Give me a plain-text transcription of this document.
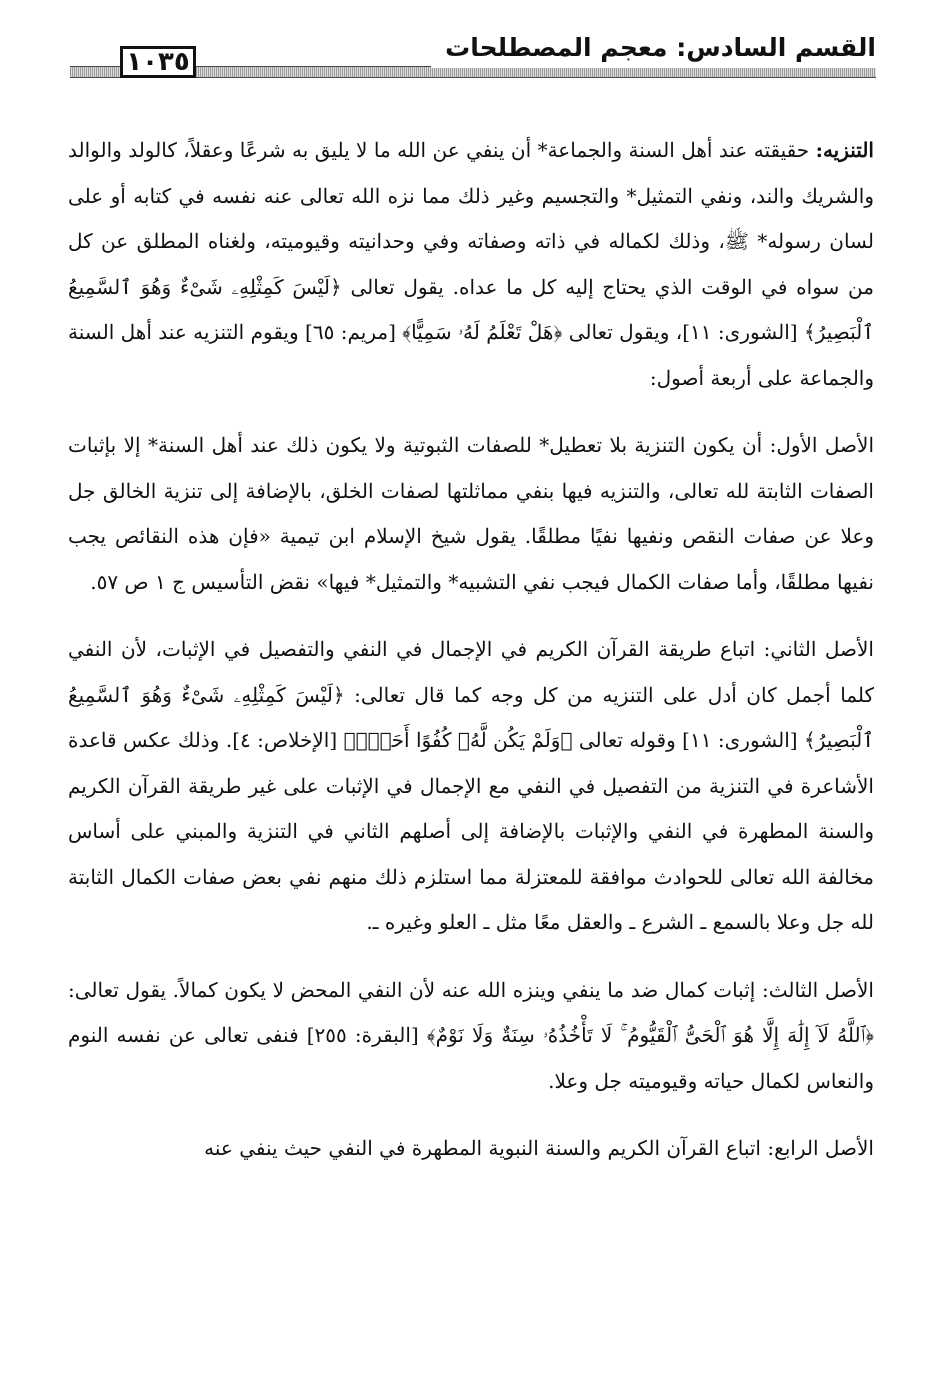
١٠٣٥	القسم السادس: معجم المصطلحات

التنزيه: حقيقته عند أهل السنة والجماعة* أن ينفي عن الله ما لا يليق به شرعًا وعقلاً، كالولد والوالد والشريك والند، ونفي التمثيل* والتجسيم وغير ذلك مما نزه الله تعالى عنه نفسه في كتابه أو على لسان رسوله* ﷺ، وذلك لكماله في ذاته وصفاته وفي وحدانيته وقيوميته، ولغناه المطلق عن كل من سواه في الوقت الذي يحتاج إليه كل ما عداه. يقول تعالى ﴿لَيْسَ كَمِثْلِهِۦ شَىْءٌ وَهُوَ ٱلسَّمِيعُ ٱلْبَصِيرُ﴾ [الشورى: ١١]، ويقول تعالى ﴿هَلْ تَعْلَمُ لَهُۥ سَمِيًّا﴾ [مريم: ٦٥] ويقوم التنزيه عند أهل السنة والجماعة على أربعة أصول:

الأصل الأول: أن يكون التنزية بلا تعطيل* للصفات الثبوتية ولا يكون ذلك عند أهل السنة* إلا بإثبات الصفات الثابتة لله تعالى، والتنزيه فيها بنفي مماثلتها لصفات الخلق، بالإضافة إلى تنزية الخالق جل وعلا عن صفات النقص ونفيها نفيًا مطلقًا. يقول شيخ الإسلام ابن تيمية «فإن هذه النقائص يجب نفيها مطلقًا، وأما صفات الكمال فيجب نفي التشبيه* والتمثيل* فيها» نقض التأسيس ج ١ ص ٥٧.

الأصل الثاني: اتباع طريقة القرآن الكريم في الإجمال في النفي والتفصيل في الإثبات، لأن النفي كلما أجمل كان أدل على التنزيه من كل وجه كما قال تعالى: ﴿لَيْسَ كَمِثْلِهِۦ شَىْءٌ وَهُوَ ٱلسَّمِيعُ ٱلْبَصِيرُ﴾ [الشورى: ١١] وقوله تعالى ﴿وَلَمْ يَكُن لَّهُۥ كُفُوًا أَحَدٌۢ﴾ [الإخلاص: ٤]. وذلك عكس قاعدة الأشاعرة في التنزية من التفصيل في النفي مع الإجمال في الإثبات على غير طريقة القرآن الكريم والسنة المطهرة في النفي والإثبات بالإضافة إلى أصلهم الثاني في التنزية والمبني على أساس مخالفة الله تعالى للحوادث موافقة للمعتزلة مما استلزم ذلك منهم نفي بعض صفات الكمال الثابتة لله جل وعلا بالسمع ـ الشرع ـ والعقل معًا مثل ـ العلو وغيره ـ.

الأصل الثالث: إثبات كمال ضد ما ينفي وينزه الله عنه لأن النفي المحض لا يكون كمالاً. يقول تعالى: ﴿ٱللَّهُ لَآ إِلَٰهَ إِلَّا هُوَ ٱلْحَىُّ ٱلْقَيُّومُ ۚ لَا تَأْخُذُهُۥ سِنَةٌ وَلَا نَوْمٌ﴾ [البقرة: ٢٥٥] فنفى تعالى عن نفسه النوم والنعاس لكمال حياته وقيوميته جل وعلا.

الأصل الرابع: اتباع القرآن الكريم والسنة النبوية المطهرة في النفي حيث ينفي عنه
